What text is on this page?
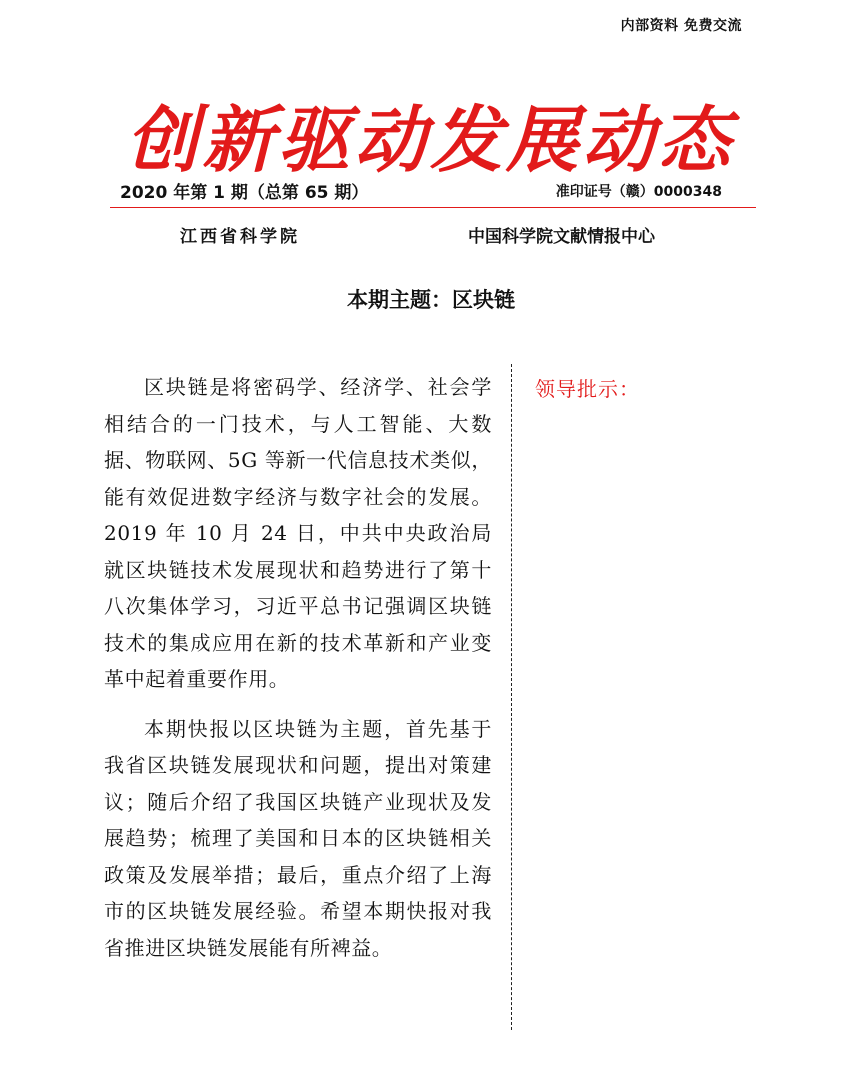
内部资料 免费交流
创新驱动发展动态
2020 年第 1 期（总第 65 期）	准印证号（赣）0000348
江西省科学院	中国科学院文献情报中心
本期主题：区块链

区块链是将密码学、经济学、社会学相结合的一门技术，与人工智能、大数据、物联网、5G 等新一代信息技术类似，能有效促进数字经济与数字社会的发展。2019 年 10 月 24 日，中共中央政治局就区块链技术发展现状和趋势进行了第十八次集体学习，习近平总书记强调区块链技术的集成应用在新的技术革新和产业变革中起着重要作用。

本期快报以区块链为主题，首先基于我省区块链发展现状和问题，提出对策建议；随后介绍了我国区块链产业现状及发展趋势；梳理了美国和日本的区块链相关政策及发展举措；最后，重点介绍了上海市的区块链发展经验。希望本期快报对我省推进区块链发展能有所裨益。

领导批示：
